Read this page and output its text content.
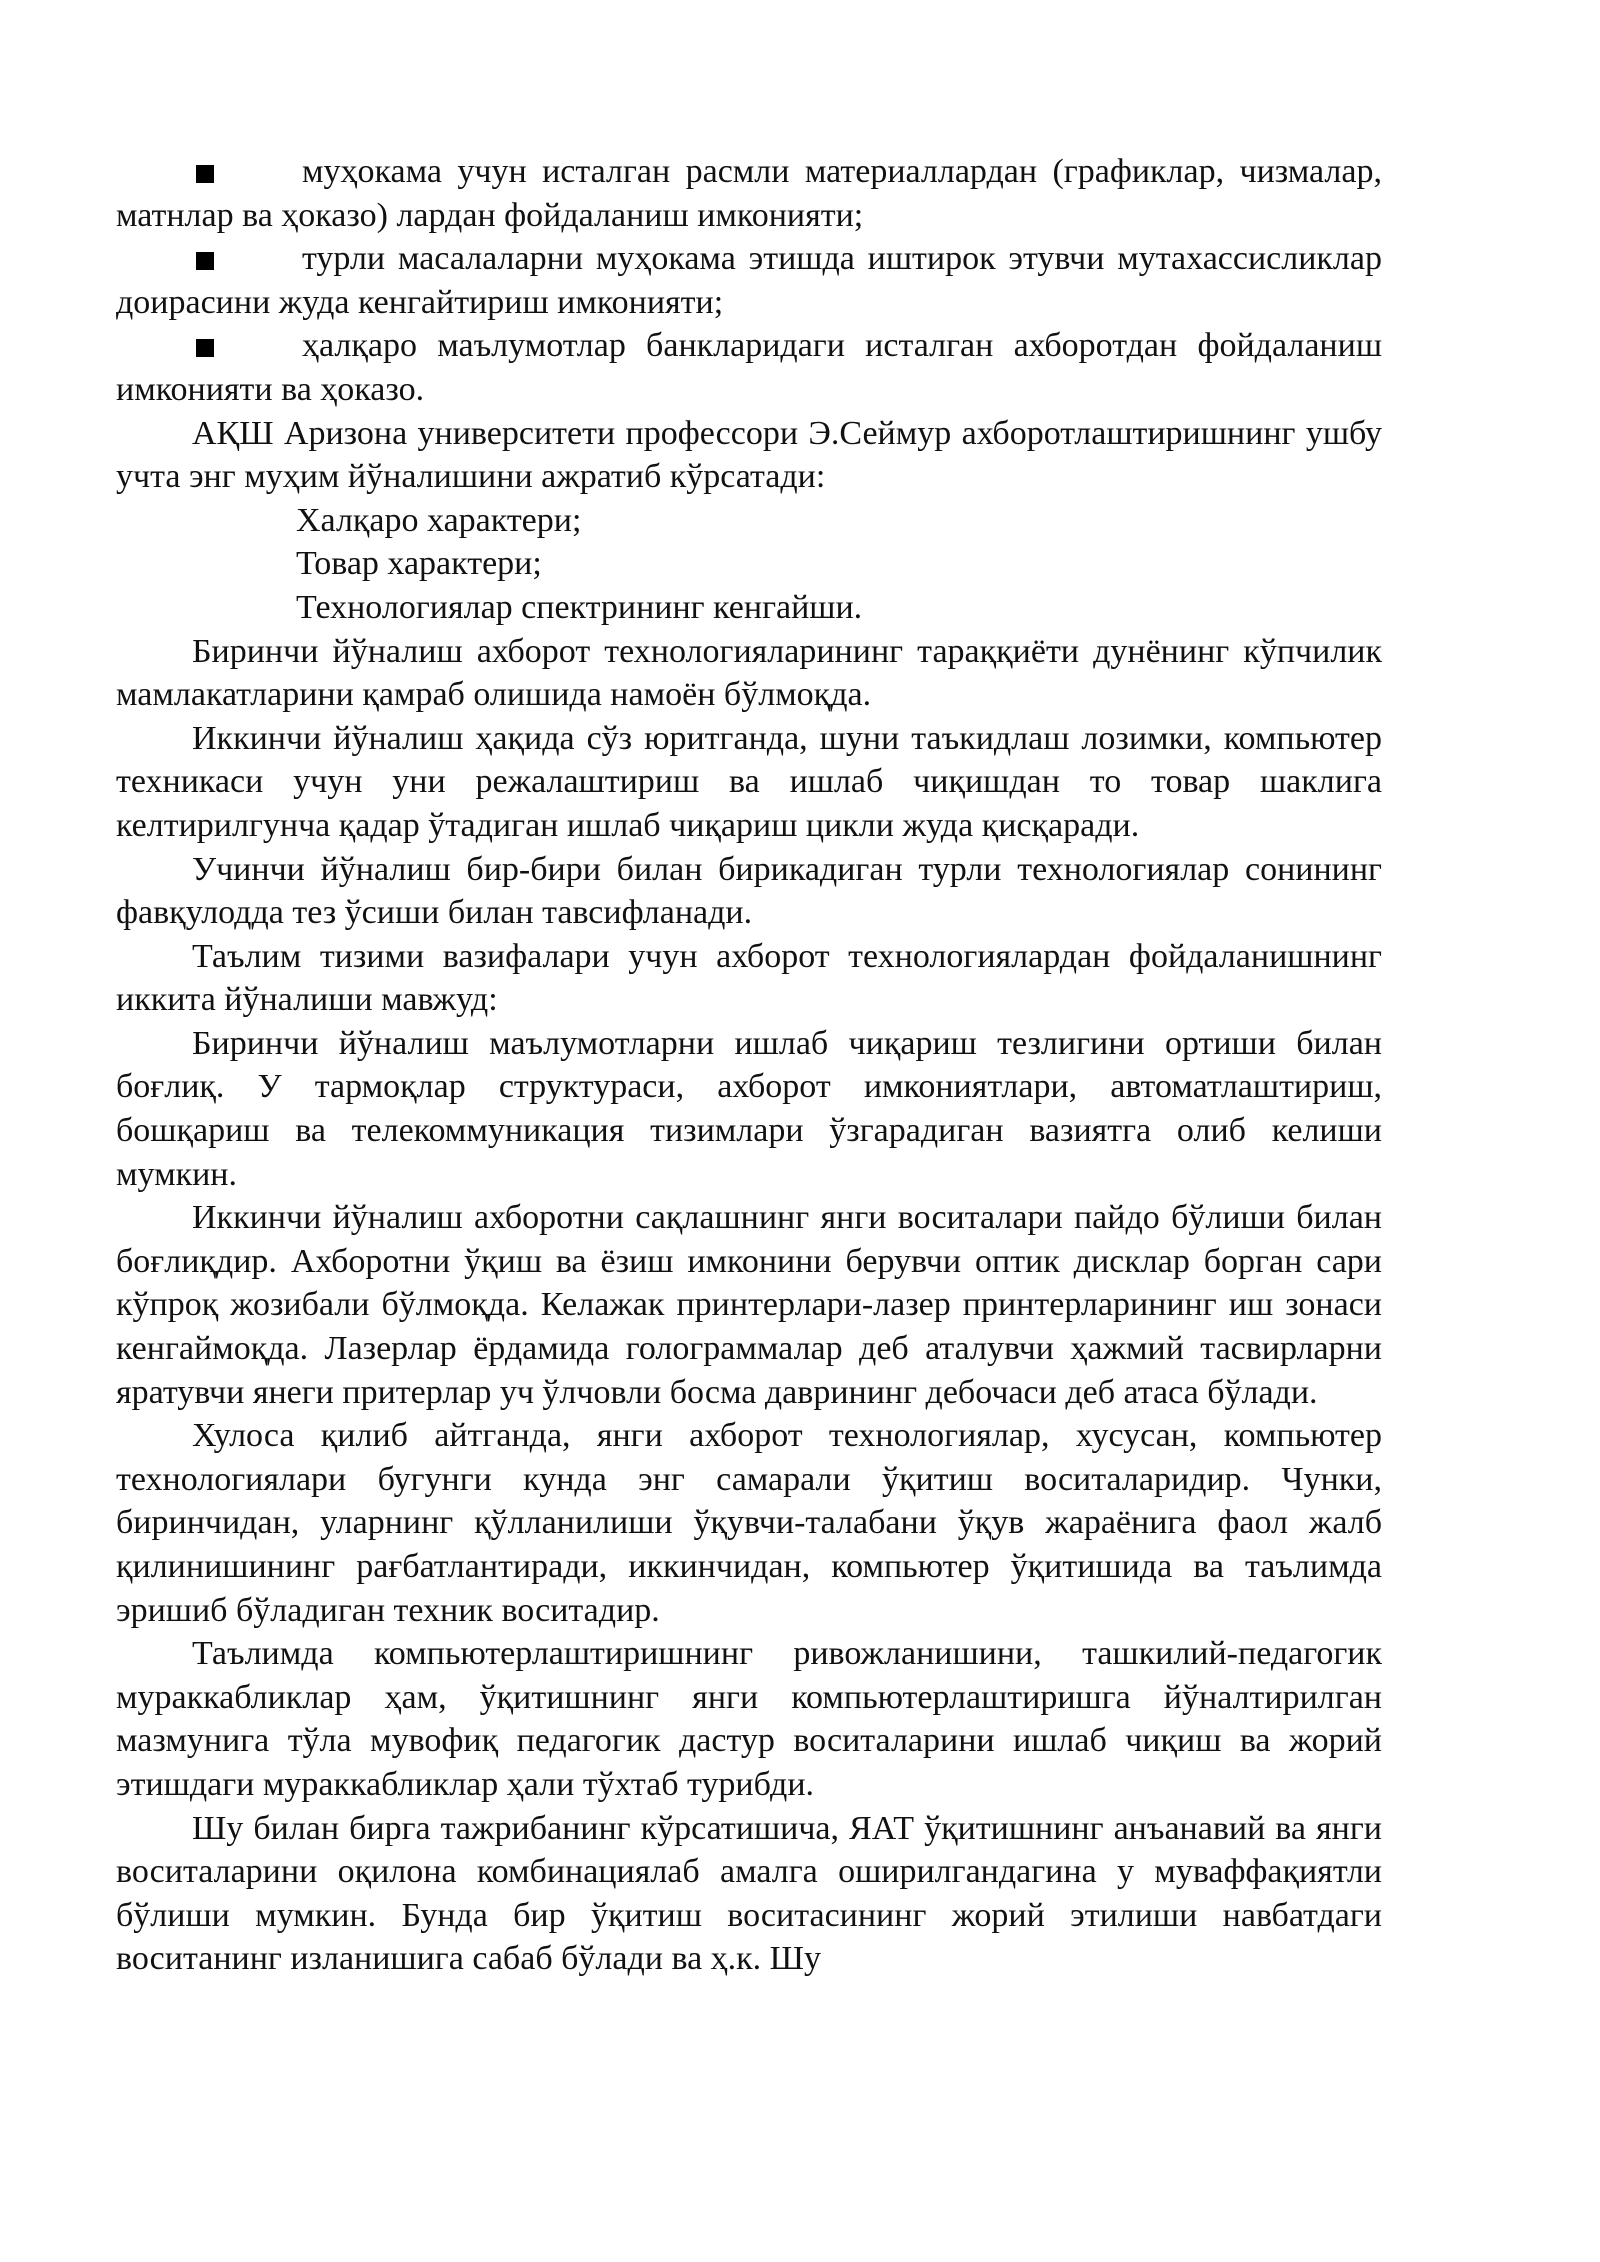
муҳокама учун исталган расмли материаллардан (графиклар, чизмалар, матнлар ва ҳоказо) лардан фойдаланиш имконияти;

турли масалаларни муҳокама этишда иштирок этувчи мутахассисликлар доирасини жуда кенгайтириш имконияти;

ҳалқаро маълумотлар банкларидаги исталган ахборотдан фойдаланиш имконияти ва ҳоказо.

АҚШ Аризона университети профессори Э.Сеймур ахборотлаштиришнинг ушбу учта энг муҳим йўналишини ажратиб кўрсатади:

Халқаро характери;

Товар характери;

Технологиялар спектрининг кенгайши.

Биринчи йўналиш ахборот технологияларининг тараққиёти дунёнинг кўпчилик мамлакатларини қамраб олишида намоён бўлмоқда.

Иккинчи йўналиш ҳақида сўз юритганда, шуни таъкидлаш лозимки, компьютер техникаси учун уни режалаштириш ва ишлаб чиқишдан то товар шаклига келтирилгунча қадар ўтадиган ишлаб чиқариш цикли жуда қисқаради.

Учинчи йўналиш бир-бири билан бирикадиган турли технологиялар сонининг фавқулодда тез ўсиши билан тавсифланади.

Таълим тизими вазифалари учун ахборот технологиялардан фойдаланишнинг иккита йўналиши мавжуд:

Биринчи йўналиш маълумотларни ишлаб чиқариш тезлигини ортиши билан боғлиқ. У тармоқлар структураси, ахборот имкониятлари, автоматлаштириш, бошқариш ва телекоммуникация тизимлари ўзгарадиган вазиятга олиб келиши мумкин.

Иккинчи йўналиш ахборотни сақлашнинг янги воситалари пайдо бўлиши билан боғлиқдир. Ахборотни ўқиш ва ёзиш имконини берувчи оптик дисклар борган сари кўпроқ жозибали бўлмоқда. Келажак принтерлари-лазер принтерларининг иш зонаси кенгаймоқда. Лазерлар ёрдамида голограммалар деб аталувчи ҳажмий тасвирларни яратувчи янеги притерлар уч ўлчовли босма даврининг дебочаси деб атаса бўлади.

Хулоса қилиб айтганда, янги ахборот технологиялар, хусусан, компьютер технологиялари бугунги кунда энг самарали ўқитиш воситаларидир. Чунки, биринчидан, уларнинг қўлланилиши ўқувчи-талабани ўқув жараёнига фаол жалб қилинишининг рағбатлантиради, иккинчидан, компьютер ўқитишида ва таълимда эришиб бўладиган техник воситадир.

Таълимда компьютерлаштиришнинг ривожланишини, ташкилий-педагогик мураккабликлар ҳам, ўқитишнинг янги компьютерлаштиришга йўналтирилган мазмунига тўла мувофиқ педагогик дастур воситаларини ишлаб чиқиш ва жорий этишдаги мураккабликлар ҳали тўхтаб турибди.

Шу билан бирга тажрибанинг кўрсатишича, ЯАТ ўқитишнинг анъанавий ва янги воситаларини оқилона комбинациялаб амалга оширилгандагина у муваффақиятли бўлиши мумкин. Бунда бир ўқитиш воситасининг жорий этилиши навбатдаги воситанинг изланишига сабаб бўлади ва ҳ.к. Шу
